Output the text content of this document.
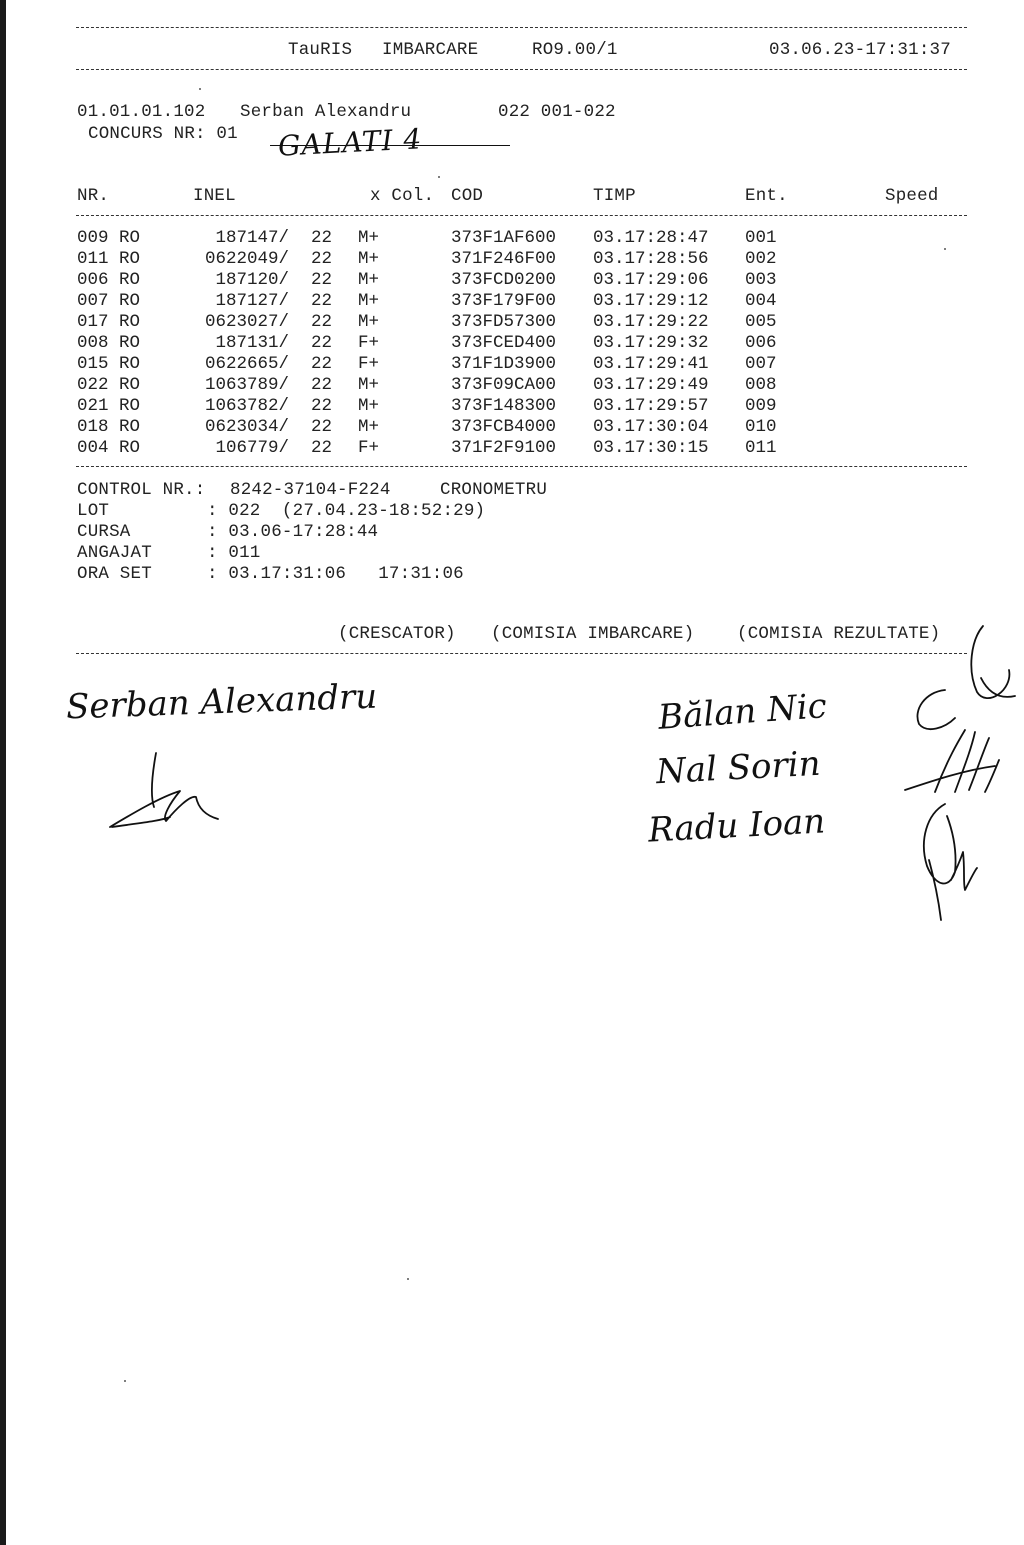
TauRIS IMBARCARE	RO9.00/1	03.06.23-17:31:37
01.01.01.102 Serban Alexandru	022 001-022
CONCURS NR: 01 GALATI 4
NR.	INEL	x Col. COD	TIMP	Ent.	Speed
009 RO	187147/ 22 M+	373F1AF600 03.17:28:47 001
011 RO	0622049/ 22 M+	371F246F00 03.17:28:56 002
006 RO	187120/ 22 M+	373FCD0200 03.17:29:06 003
007 RO	187127/ 22 M+	373F179F00 03.17:29:12 004
017 RO	0623027/ 22 M+	373FD57300 03.17:29:22 005
008 RO	187131/ 22 F+	373FCED400 03.17:29:32 006
015 RO	0622665/ 22 F+	371F1D3900 03.17:29:41 007
022 RO	1063789/ 22 M+	373F09CA00 03.17:29:49 008
021 RO	1063782/ 22 M+	373F148300 03.17:29:57 009
018 RO	0623034/ 22 M+	373FCB4000 03.17:30:04 010
004 RO	106779/ 22 F+	371F2F9100 03.17:30:15 011
CONTROL NR.: 8242-37104-F224	CRONOMETRU
LOT	: 022  (27.04.23-18:52:29)
CURSA	: 03.06-17:28:44
ANGAJAT	: 011
ORA SET	: 03.17:31:06   17:31:06
(CRESCATOR) (COMISIA IMBARCARE) (COMISIA REZULTATE)
Serban Alexandru	Bălan Nic
Nal Sorin
Radu Ioan
